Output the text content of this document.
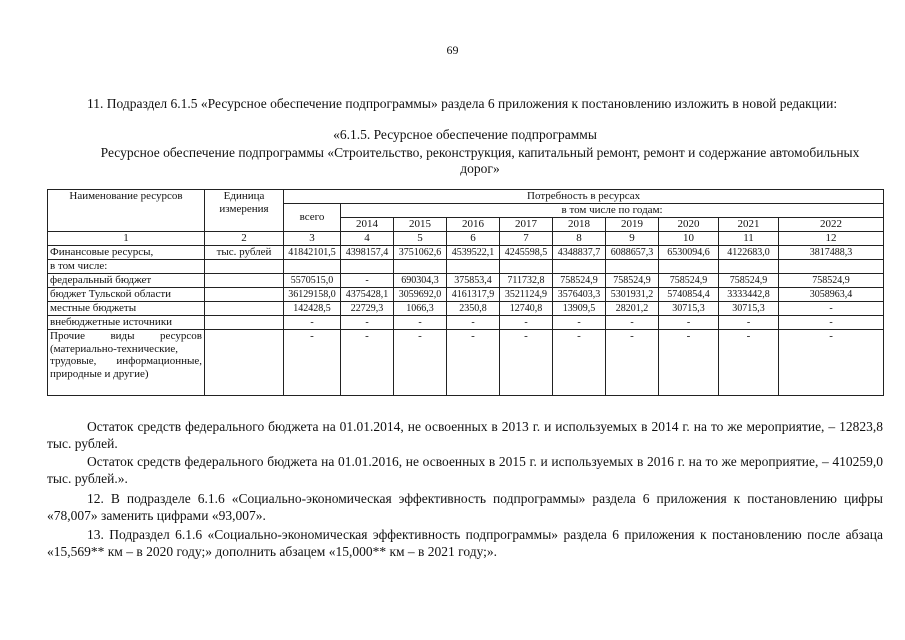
69
11. Подраздел 6.1.5 «Ресурсное обеспечение подпрограммы» раздела 6 приложения к постановлению изложить в новой редакции:
«6.1.5. Ресурсное обеспечение подпрограммы
Ресурсное обеспечение подпрограммы «Строительство, реконструкция, капитальный ремонт, ремонт и содержание автомобильных дорог»
Наименование ресурсов	Единица измерения	Потребность в ресурсах									
		всего	в том числе по годам:								
			2014	2015	2016	2017	2018	2019	2020	2021	2022
1	2	3	4	5	6	7	8	9	10	11	12
Финансовые ресурсы,	тыс. рублей	41842101,5	4398157,4	3751062,6	4539522,1	4245598,5	4348837,7	6088657,3	6530094,6	4122683,0	3817488,3
в том числе:											
федеральный бюджет		5570515,0	-	690304,3	375853,4	711732,8	758524,9	758524,9	758524,9	758524,9	758524,9
бюджет Тульской области		36129158,0	4375428,1	3059692,0	4161317,9	3521124,9	3576403,3	5301931,2	5740854,4	3333442,8	3058963,4
местные бюджеты		142428,5	22729,3	1066,3	2350,8	12740,8	13909,5	28201,2	30715,3	30715,3	-
внебюджетные источники		-	-	-	-	-	-	-	-	-	-
Прочие виды ресурсов (материально-технические, трудовые, информационные, природные и другие)		-	-	-	-	-	-	-	-	-	-
Остаток средств федерального бюджета на 01.01.2014, не освоенных в 2013 г. и используемых в 2014 г. на то же мероприятие, – 12823,8 тыс. рублей.
Остаток средств федерального бюджета на 01.01.2016, не освоенных в 2015 г. и используемых в 2016 г. на то же мероприятие, – 410259,0 тыс. рублей.».
12. В подразделе 6.1.6 «Социально-экономическая эффективность подпрограммы» раздела 6 приложения к постановлению цифры «78,007» заменить цифрами «93,007».
13. Подраздел 6.1.6 «Социально-экономическая эффективность подпрограммы» раздела 6 приложения к постановлению после абзаца «15,569** км – в 2020 году;» дополнить абзацем «15,000** км – в 2021 году;».
